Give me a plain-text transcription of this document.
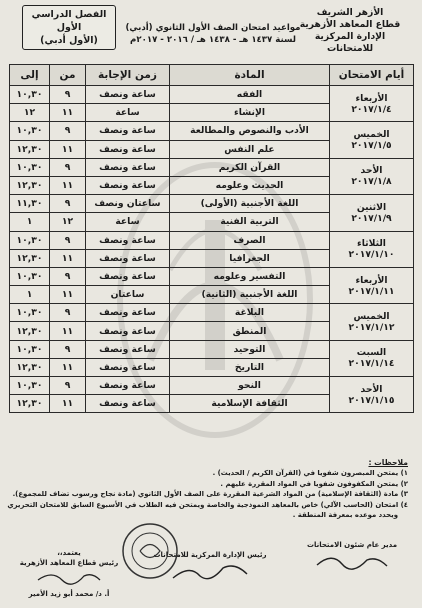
الأزهر الشريف
قطاع المعاهد الأزهرية
الإدارة المركزية للامتحانات
مواعيد امتحان الصف الأول الثانوي (أدبي)
لسنة ١٤٣٧ هـ - ١٤٣٨ هـ / ٢٠١٦ - ٢٠١٧م
الفصل الدراسي الأول
(الأول أدبي)
أيام الامتحان	المادة	زمن الإجابة	من	إلى

الأربعاء
٢٠١٧/١/٤	الفقه	ساعة ونصف	٩	١٠,٣٠
	الإنشاء	ساعة	١١	١٢

الخميس
٢٠١٧/١/٥	الأدب والنصوص والمطالعة	ساعة ونصف	٩	١٠,٣٠
	علم النفس	ساعة ونصف	١١	١٢,٣٠

الأحد
٢٠١٧/١/٨	القرآن الكريم	ساعة ونصف	٩	١٠,٣٠
	الحديث وعلومه	ساعة ونصف	١١	١٢,٣٠

الاثنين
٢٠١٧/١/٩	اللغة الأجنبية (الأولى)	ساعتان ونصف	٩	١١,٣٠
	التربية الفنية	ساعة	١٢	١

الثلاثاء
٢٠١٧/١/١٠	الصرف	ساعة ونصف	٩	١٠,٣٠
	الجغرافيا	ساعة ونصف	١١	١٢,٣٠

الأربعاء
٢٠١٧/١/١١	التفسير وعلومه	ساعة ونصف	٩	١٠,٣٠
	اللغة الأجنبية (الثانية)	ساعتان	١١	١

الخميس
٢٠١٧/١/١٢	البلاغة	ساعة ونصف	٩	١٠,٣٠
	المنطق	ساعة ونصف	١١	١٢,٣٠

السبت
٢٠١٧/١/١٤	التوحيد	ساعة ونصف	٩	١٠,٣٠
	التاريخ	ساعة ونصف	١١	١٢,٣٠

الأحد
٢٠١٧/١/١٥	النحو	ساعة ونصف	٩	١٠,٣٠
	الثقافة الإسلامية	ساعة ونصف	١١	١٢,٣٠
ملاحظات :
١) يمتحن المبصرون شفويا في (القرآن الكريم / الحديث) .
٢) يمتحن المكفوفون شفويا في المواد المقررة عليهم .
٣) مادة (الثقافة الإسلامية) من المواد الشرعية المقررة على الصف الأول الثانوي (مادة نجاح ورسوب تضاف للمجموع).
٤) امتحان (الحاسب الآلي) خاص بالمعاهد النموذجية والخاصة ويمتحن فيه الطلاب في الأسبوع السابق للامتحان التحريري
ويحدد موعده بمعرفة المنطقة .
مدير عام شئون الامتحانات
رئيس الإدارة المركزية للامتحانات
يعتمد،،
رئيس قطاع المعاهد الأزهرية
أ. د/ محمد أبو زيد الأمير
